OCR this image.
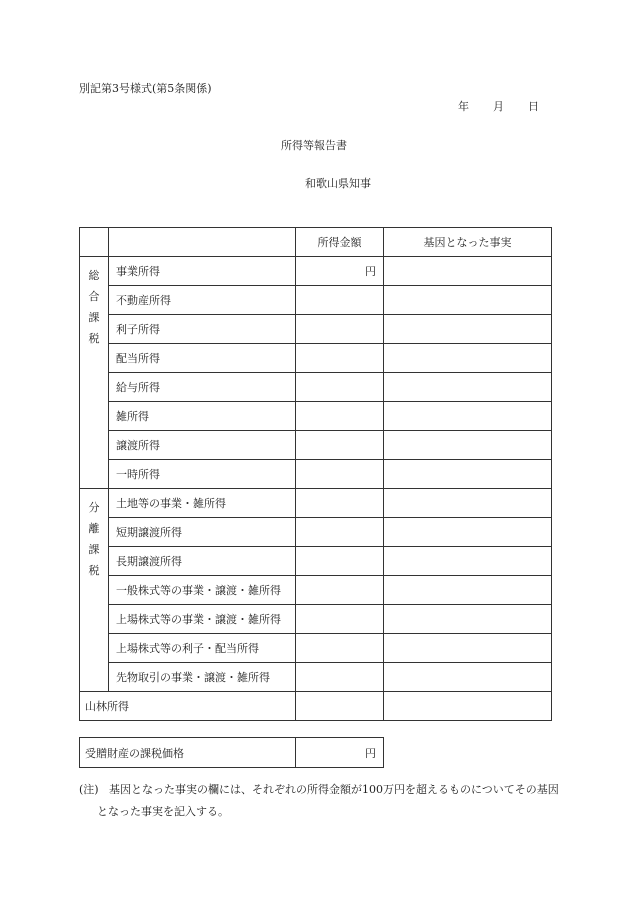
別記第3号様式(第5条関係)
年 月 日
所得等報告書
和歌山県知事
		所得金額	基因となった事実
総合課税	事業所得	円	
	不動産所得		
	利子所得		
	配当所得		
	給与所得		
	雑所得		
	譲渡所得		
	一時所得		
分離課税	土地等の事業・雑所得		
	短期譲渡所得		
	長期譲渡所得		
	一般株式等の事業・譲渡・雑所得		
	上場株式等の事業・譲渡・雑所得		
	上場株式等の利子・配当所得		
	先物取引の事業・譲渡・雑所得		
山林所得			
受贈財産の課税価格	円
(注) 基因となった事実の欄には、それぞれの所得金額が100万円を超えるものについてその基因となった事実を記入する。
